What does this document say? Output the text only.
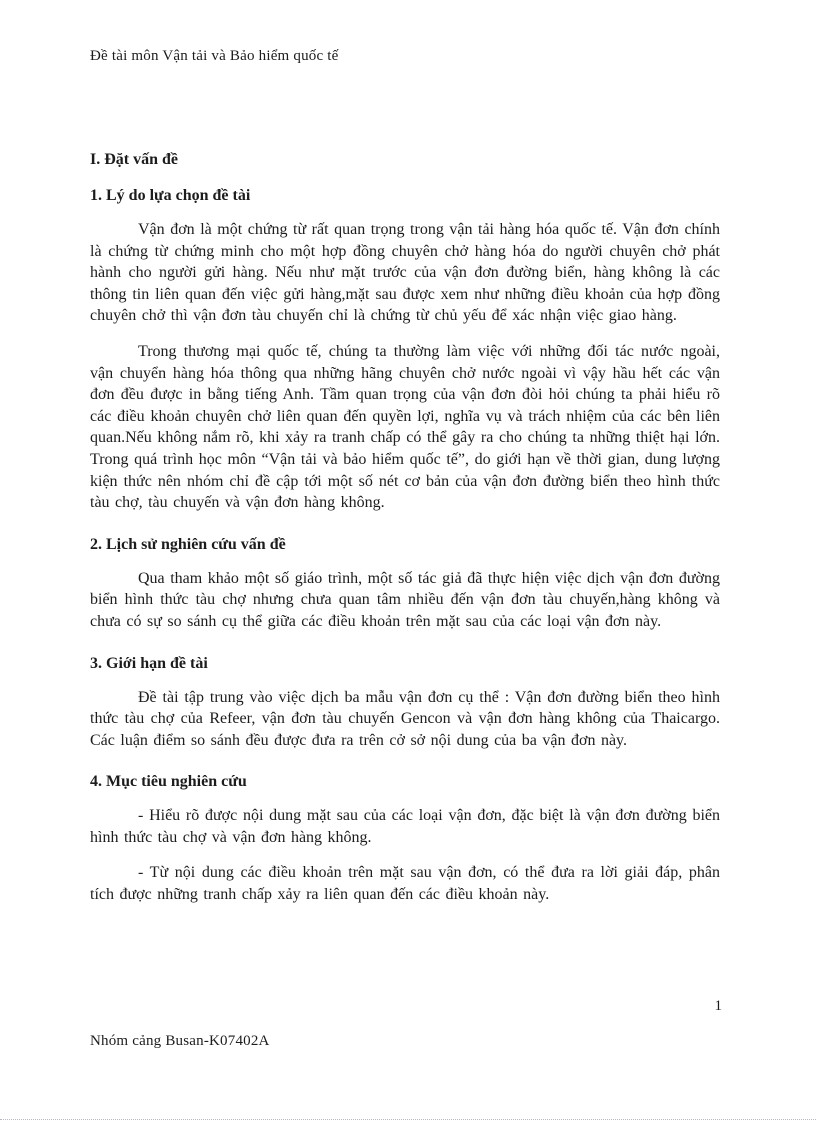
Đề tài môn Vận tải và Bảo hiểm quốc tế
I. Đặt vấn đề
1. Lý do lựa chọn đề tài

Vận đơn là một chứng từ rất quan trọng trong vận tải hàng hóa quốc tế. Vận đơn chính là chứng từ chứng minh cho một hợp đồng chuyên chở hàng hóa do người chuyên chở phát hành cho người gửi hàng. Nếu như mặt trước của vận đơn đường biển, hàng không là các thông tin liên quan đến việc gửi hàng,mặt sau được xem như những điều khoản của hợp đồng chuyên chở thì vận đơn tàu chuyến chỉ là chứng từ chủ yếu để xác nhận việc giao hàng.

Trong thương mại quốc tế, chúng ta thường làm việc với những đối tác nước ngoài, vận chuyển hàng hóa thông qua những hãng chuyên chở nước ngoài vì vậy hầu hết các vận đơn đều được in bằng tiếng Anh. Tầm quan trọng của vận đơn đòi hỏi chúng ta phải hiểu rõ các điều khoản chuyên chở liên quan đến quyền lợi, nghĩa vụ và trách nhiệm của các bên liên quan.Nếu không nắm rõ, khi xảy ra tranh chấp có thể gây ra cho chúng ta những thiệt hại lớn. Trong quá trình học môn “Vận tải và bảo hiểm quốc tế”, do giới hạn về thời gian, dung lượng kiện thức nên nhóm chỉ đề cập tới một số nét cơ bản của vận đơn đường biển theo hình thức tàu chợ, tàu chuyến và vận đơn hàng không.

2. Lịch sử nghiên cứu vấn đề

Qua tham khảo một số giáo trình, một số tác giả đã thực hiện việc dịch vận đơn đường biển hình thức tàu chợ nhưng chưa quan tâm nhiều đến vận đơn tàu chuyến,hàng không và chưa có sự so sánh cụ thể giữa các điều khoản trên mặt sau của các loại vận đơn này.

3. Giới hạn đề tài

Đề tài tập trung vào việc dịch ba mẫu vận đơn cụ thể : Vận đơn đường biển theo hình thức tàu chợ của Refeer, vận đơn tàu chuyến Gencon và vận đơn hàng không của Thaicargo. Các luận điểm so sánh đều được đưa ra trên cở sở nội dung của ba vận đơn này.

4. Mục tiêu nghiên cứu

- Hiểu rõ được nội dung mặt sau của các loại vận đơn, đặc biệt là vận đơn đường biển hình thức tàu chợ và vận đơn hàng không.

- Từ nội dung các điều khoản trên mặt sau vận đơn, có thể đưa ra lời giải đáp, phân tích được những tranh chấp xảy ra liên quan đến các điều khoản này.

1
Nhóm cảng Busan-K07402A
